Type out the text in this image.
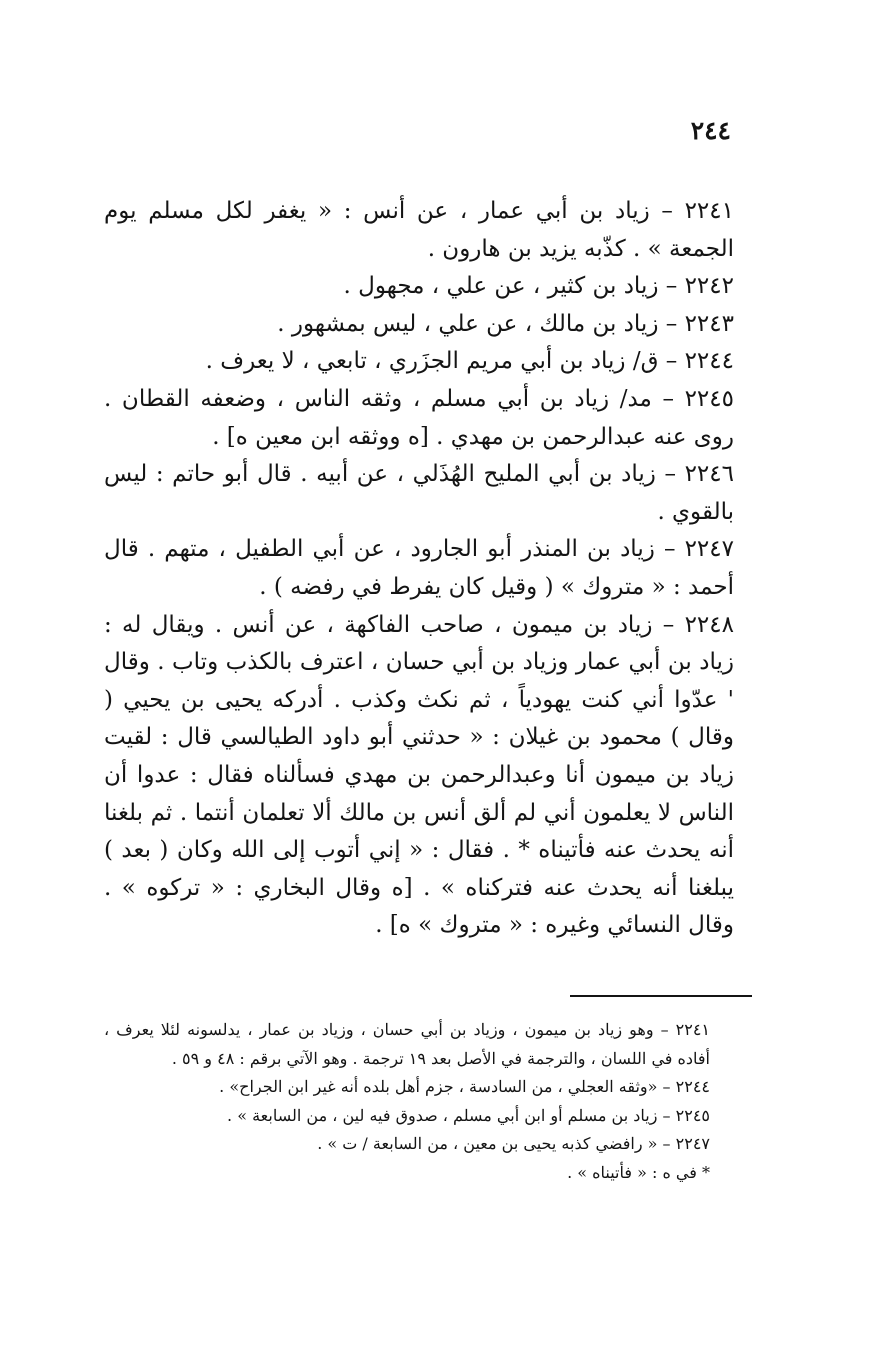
٢٤٤

٢٢٤١ – زياد بن أبي عمار ، عن أنس : « يغفر لكل مسلم يوم الجمعة » . كذّبه يزيد بن هارون .

٢٢٤٢ – زياد بن كثير ، عن علي ، مجهول .

٢٢٤٣ – زياد بن مالك ، عن علي ، ليس بمشهور .

٢٢٤٤ – ق/ زياد بن أبي مريم الجزَري ، تابعي ، لا يعرف .

٢٢٤٥ – مد/ زياد بن أبي مسلم ، وثقه الناس ، وضعفه القطان . روى عنه عبدالرحمن بن مهدي . [ه ووثقه ابن معين ه] .

٢٢٤٦ – زياد بن أبي المليح الهُذَلي ، عن أبيه . قال أبو حاتم : ليس بالقوي .

٢٢٤٧ – زياد بن المنذر أبو الجارود ، عن أبي الطفيل ، متهم . قال أحمد : « متروك » ( وقيل كان يفرط في رفضه ) .

٢٢٤٨ – زياد بن ميمون ، صاحب الفاكهة ، عن أنس . ويقال له : زياد بن أبي عمار وزياد بن أبي حسان ، اعترف بالكذب وتاب . وقال ' عدّوا أني كنت يهودياً ، ثم نكث وكذب . أدركه يحيى بن يحيي ( وقال ) محمود بن غيلان : « حدثني أبو داود الطيالسي قال : لقيت زياد بن ميمون أنا وعبدالرحمن بن مهدي فسألناه فقال : عدوا أن الناس لا يعلمون أني لم ألق أنس بن مالك ألا تعلمان أنتما . ثم بلغنا أنه يحدث عنه فأتيناه * . فقال : « إني أتوب إلى الله وكان ( بعد ) يبلغنا أنه يحدث عنه فتركناه » . [ه وقال البخاري : « تركوه » . وقال النسائي وغيره : « متروك » ه] .

٢٢٤١ – وهو زياد بن ميمون ، وزياد بن أبي حسان ، وزياد بن عمار ، يدلسونه لئلا يعرف ، أفاده في اللسان ، والترجمة في الأصل بعد ١٩ ترجمة . وهو الآتي برقم : ٤٨ و ٥٩ .

٢٢٤٤ – «وثقه العجلي ، من السادسة ، جزم أهل بلده أنه غير ابن الجراح» .

٢٢٤٥ – زياد بن مسلم أو ابن أبي مسلم ، صدوق فيه لين ، من السابعة » .

٢٢٤٧ – « رافضي كذبه يحيى بن معين ، من السابعة / ت » .

* في ه : « فأتيناه » .
